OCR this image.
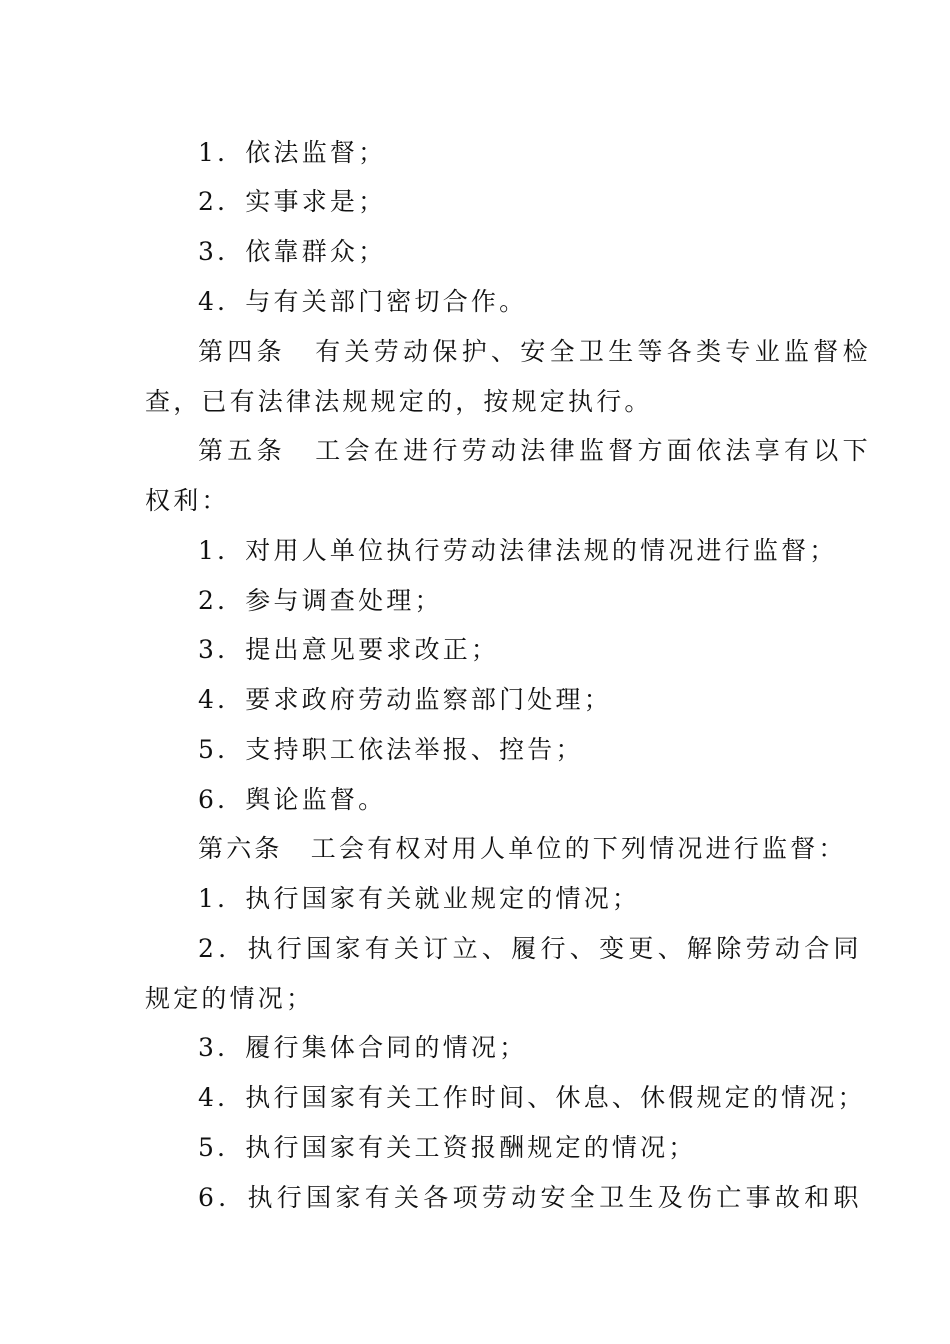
1．依法监督；
2．实事求是；
3．依靠群众；
4．与有关部门密切合作。
第四条　有关劳动保护、安全卫生等各类专业监督检
查，已有法律法规规定的，按规定执行。
第五条　工会在进行劳动法律监督方面依法享有以下
权利：
1．对用人单位执行劳动法律法规的情况进行监督；
2．参与调查处理；
3．提出意见要求改正；
4．要求政府劳动监察部门处理；
5．支持职工依法举报、控告；
6．舆论监督。
第六条　工会有权对用人单位的下列情况进行监督：
1．执行国家有关就业规定的情况；
2．执行国家有关订立、履行、变更、解除劳动合同
规定的情况；
3．履行集体合同的情况；
4．执行国家有关工作时间、休息、休假规定的情况；
5．执行国家有关工资报酬规定的情况；
6．执行国家有关各项劳动安全卫生及伤亡事故和职
